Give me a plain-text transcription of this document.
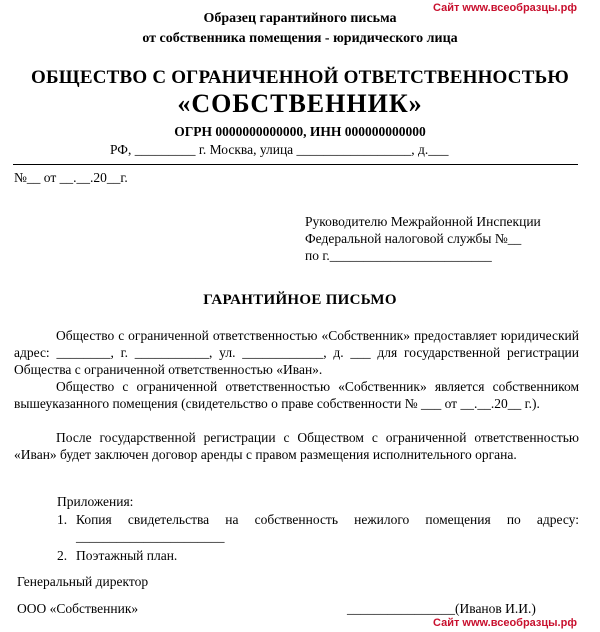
Сайт www.всеобразцы.рф
Образец гарантийного письма
от собственника помещения - юридического лица
ОБЩЕСТВО С ОГРАНИЧЕННОЙ ОТВЕТСТВЕННОСТЬЮ
«СОБСТВЕННИК»
ОГРН 0000000000000, ИНН 000000000000
РФ, _________ г. Москва, улица _________________, д.___
№__ от __.__.20__г.
Руководителю Межрайонной Инспекции
Федеральной налоговой службы №__
по г.________________________
ГАРАНТИЙНОЕ ПИСЬМО

Общество с ограниченной ответственностью «Собственник» предоставляет юридический адрес: ________, г. ___________, ул. ____________, д. ___ для государственной регистрации Общества с ограниченной ответственностью «Иван».

Общество с ограниченной ответственностью «Собственник» является собственником вышеуказанного помещения (свидетельство о праве собственности № ___ от __.__.20__ г.).

После государственной регистрации с Обществом с ограниченной ответственностью «Иван» будет заключен договор аренды с правом размещения исполнительного органа.

Приложения:
1. Копия свидетельства на собственность нежилого помещения по адресу:
______________________
2. Поэтажный план.
Генеральный директор
ООО «Собственник»	________________(Иванов И.И.)
Сайт www.всеобразцы.рф
